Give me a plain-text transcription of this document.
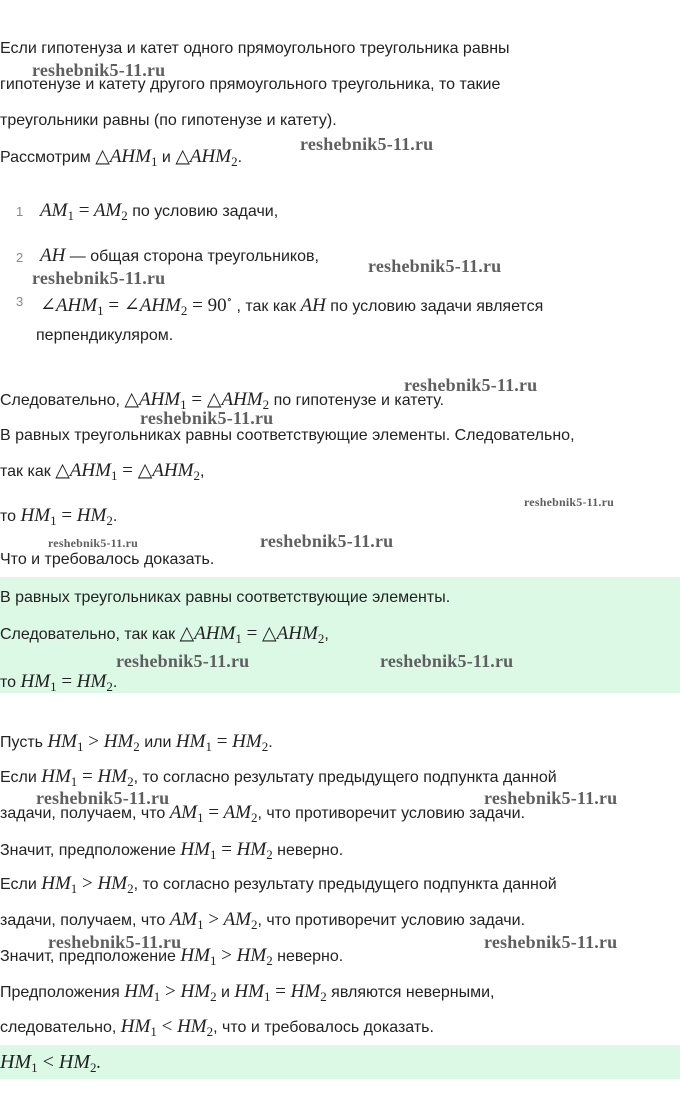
Если гипотенуза и катет одного прямоугольного треугольника равны
гипотенузе и катету другого прямоугольного треугольника, то такие
треугольники равны (по гипотенузе и катету).
Рассмотрим $\triangle AHM_1$ и $\triangle AHM_2$.
1 $AM_1 = AM_2$ по условию задачи,
2 AH — общая сторона треугольников,
3 $\angle AHM_1$ = $\angle AHM_2 = 90^\circ$ , так как AH по условию задачи является
перпендикуляром.
Следовательно, $\triangle AHM_1$ = $\triangle AHM_2$ по гипотенузе и катету.
В равных треугольниках равны соответствующие элементы. Следовательно,
так как $\triangle AHM_1$ = $\triangle AHM_2$,
то $HM_1 = HM_2$.
Что и требовалось доказать.
В равных треугольниках равны соответствующие элементы.
Следовательно, так как $\triangle AHM_1$ = $\triangle AHM_2$,
то $HM_1 = HM_2$.
Пусть $HM_1 > HM_2$ или $HM_1 = HM_2$.
Если $HM_1 = HM_2$, то согласно результату предыдущего подпункта данной
задачи, получаем, что $AM_1 = AM_2$, что противоречит условию задачи.
Значит, предположение $HM_1 = HM_2$ неверно.
Если $HM_1 > HM_2$, то согласно результату предыдущего подпункта данной
задачи, получаем, что $AM_1 > AM_2$, что противоречит условию задачи.
Значит, предположение $HM_1 > HM_2$ неверно.
Предположения $HM_1 > HM_2$ и $HM_1 = HM_2$ являются неверными,
следовательно, $HM_1 < HM_2$, что и требовалось доказать.
$HM_1 < HM_2$.
reshebnik5-11.ru
reshebnik5-11.ru
reshebnik5-11.ru
reshebnik5-11.ru
reshebnik5-11.ru
reshebnik5-11.ru
reshebnik5-11.ru
reshebnik5-11.ru	reshebnik5-11.ru
reshebnik5-11.ru	reshebnik5-11.ru
reshebnik5-11.ru	reshebnik5-11.ru
reshebnik5-11.ru	reshebnik5-11.ru
